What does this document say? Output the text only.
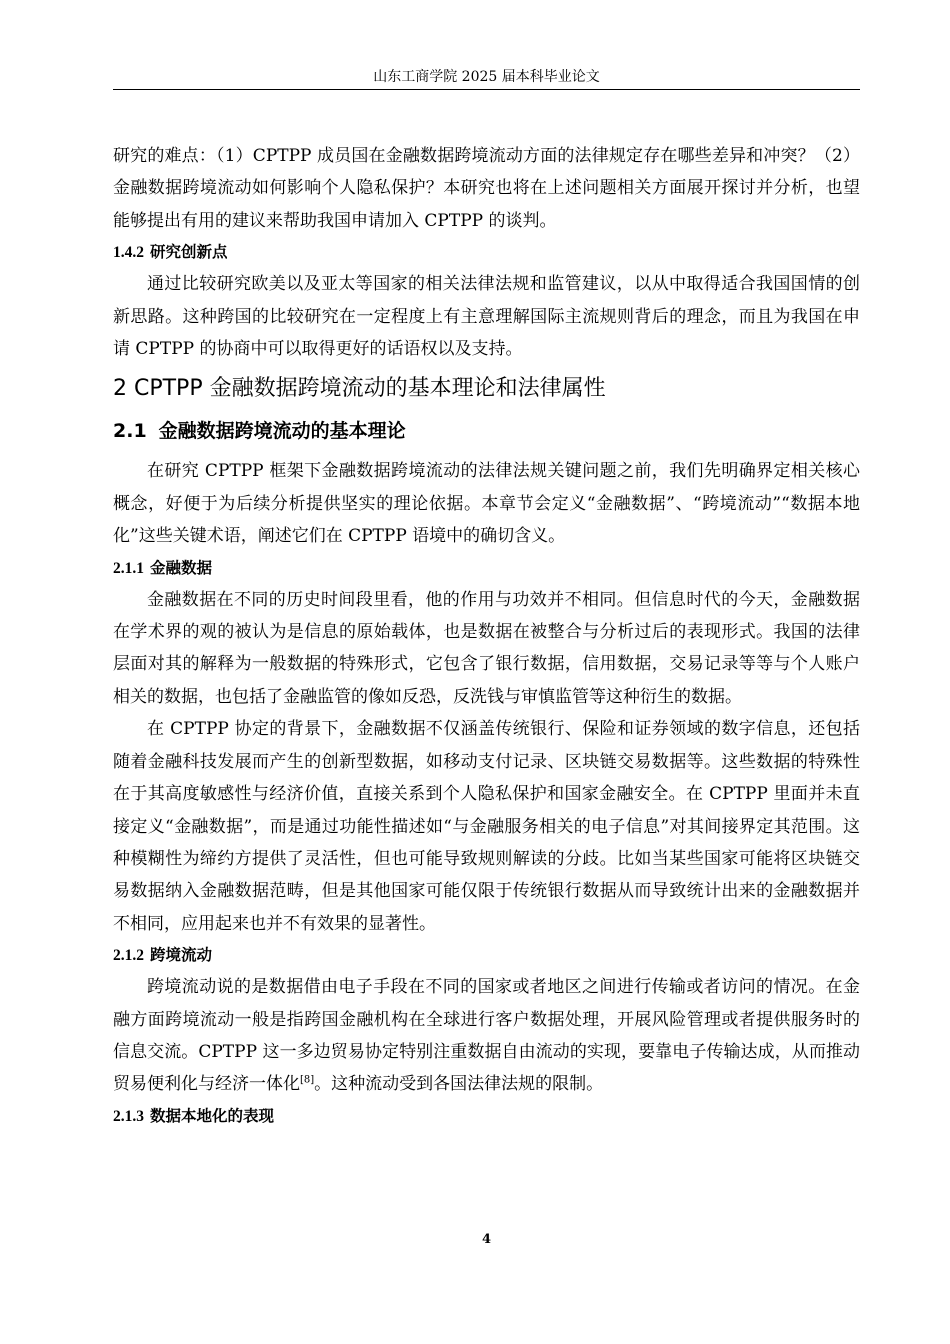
山东工商学院 2025 届本科毕业论文

研究的难点：（1）CPTPP 成员国在金融数据跨境流动方面的法律规定存在哪些差异和冲突？（2）金融数据跨境流动如何影响个人隐私保护？本研究也将在上述问题相关方面展开探讨并分析，也望能够提出有用的建议来帮助我国申请加入 CPTPP 的谈判。

1.4.2 研究创新点

通过比较研究欧美以及亚太等国家的相关法律法规和监管建议，以从中取得适合我国国情的创新思路。这种跨国的比较研究在一定程度上有主意理解国际主流规则背后的理念，而且为我国在申请 CPTPP 的协商中可以取得更好的话语权以及支持。

2 CPTPP 金融数据跨境流动的基本理论和法律属性
2.1 金融数据跨境流动的基本理论

在研究 CPTPP 框架下金融数据跨境流动的法律法规关键问题之前，我们先明确界定相关核心概念，好便于为后续分析提供坚实的理论依据。本章节会定义“金融数据”、“跨境流动”“数据本地化”这些关键术语，阐述它们在 CPTPP 语境中的确切含义。

2.1.1 金融数据

金融数据在不同的历史时间段里看，他的作用与功效并不相同。但信息时代的今天，金融数据在学术界的观的被认为是信息的原始载体，也是数据在被整合与分析过后的表现形式。我国的法律层面对其的解释为一般数据的特殊形式，它包含了银行数据，信用数据，交易记录等等与个人账户相关的数据，也包括了金融监管的像如反恐，反洗钱与审慎监管等这种衍生的数据。

在 CPTPP 协定的背景下，金融数据不仅涵盖传统银行、保险和证券领域的数字信息，还包括随着金融科技发展而产生的创新型数据，如移动支付记录、区块链交易数据等。这些数据的特殊性在于其高度敏感性与经济价值，直接关系到个人隐私保护和国家金融安全。在 CPTPP 里面并未直接定义“金融数据”，而是通过功能性描述如“与金融服务相关的电子信息”对其间接界定其范围。这种模糊性为缔约方提供了灵活性，但也可能导致规则解读的分歧。比如当某些国家可能将区块链交易数据纳入金融数据范畴，但是其他国家可能仅限于传统银行数据从而导致统计出来的金融数据并不相同，应用起来也并不有效果的显著性。

2.1.2 跨境流动

跨境流动说的是数据借由电子手段在不同的国家或者地区之间进行传输或者访问的情况。在金融方面跨境流动一般是指跨国金融机构在全球进行客户数据处理，开展风险管理或者提供服务时的信息交流。CPTPP 这一多边贸易协定特别注重数据自由流动的实现，要靠电子传输达成，从而推动贸易便利化与经济一体化[8]。这种流动受到各国法律法规的限制。

2.1.3 数据本地化的表现
4
